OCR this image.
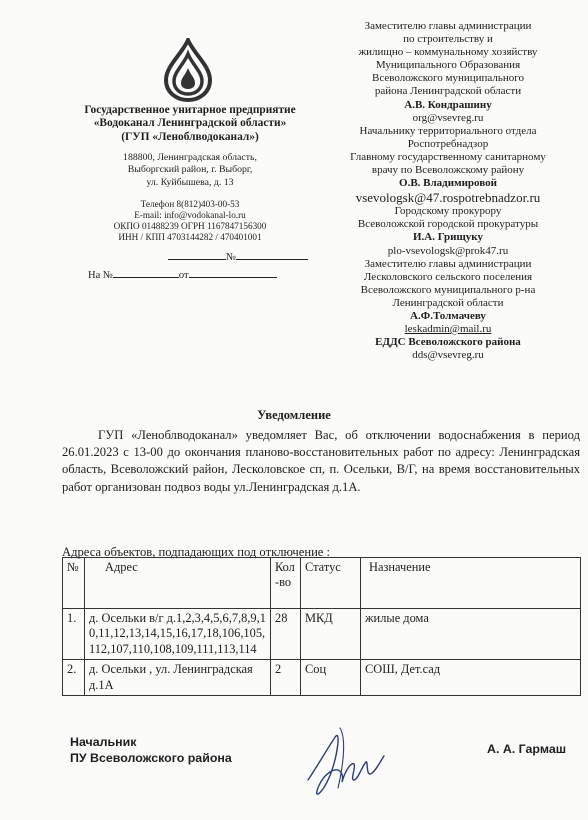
Государственное унитарное предприятие
«Водоканал Ленинградской области»
(ГУП «Леноблводоканал»)
188800, Ленинградская область,
Выборгский район, г. Выборг,
ул. Куйбышева, д. 13
Телефон 8(812)403-00-53
E-mail: info@vodokanal-lo.ru
ОКПО 01488239 ОГРН 1167847156300
ИНН / КПП 4703144282 / 470401001
№
На №	от
Заместителю главы администрации
по строительству и
жилищно – коммунальному хозяйству
Муниципального Образования
Всеволожского муниципального
района Ленинградской области
А.В. Кондрашину
org@vsevreg.ru
Начальнику территориального отдела
Роспотребнадзор
Главному государственному санитарному
врачу по Всеволожскому району
О.В. Владимировой
vsevologsk@47.rospotrebnadzor.ru
Городскому прокурору
Всеволожской городской прокуратуры
И.А. Грищуку
plo-vsevologsk@prok47.ru
Заместителю главы администрации
Лесколовского сельского поселения
Всеволожского муниципального р-на
Ленинградской области
А.Ф.Толмачеву
leskadmin@mail.ru
ЕДДС Всеволожского района
dds@vsevreg.ru
Уведомление
ГУП «Леноблводоканал» уведомляет Вас, об отключении водоснабжения в период 26.01.2023 с 13-00 до окончания планово-восстановительных работ по адресу: Ленинградская область, Всеволожский район, Лесколовское сп, п. Осельки, В/Г, на время восстановительных работ организован подвоз воды ул.Ленинградская д.1А.
Адреса объектов, подпадающих под отключение :
№	Адрес	Кол-во	Статус	Назначение
1.	д. Осельки в/г д.1,2,3,4,5,6,7,8,9,10,11,12,13,14,15,16,17,18,106,105,112,107,110,108,109,111,113,114	28	МКД	жилые дома
2.	д. Осельки , ул. Ленинградская д.1А	2	Соц	СОШ, Дет.сад
Начальник
ПУ Всеволожского района
А. А. Гармаш
